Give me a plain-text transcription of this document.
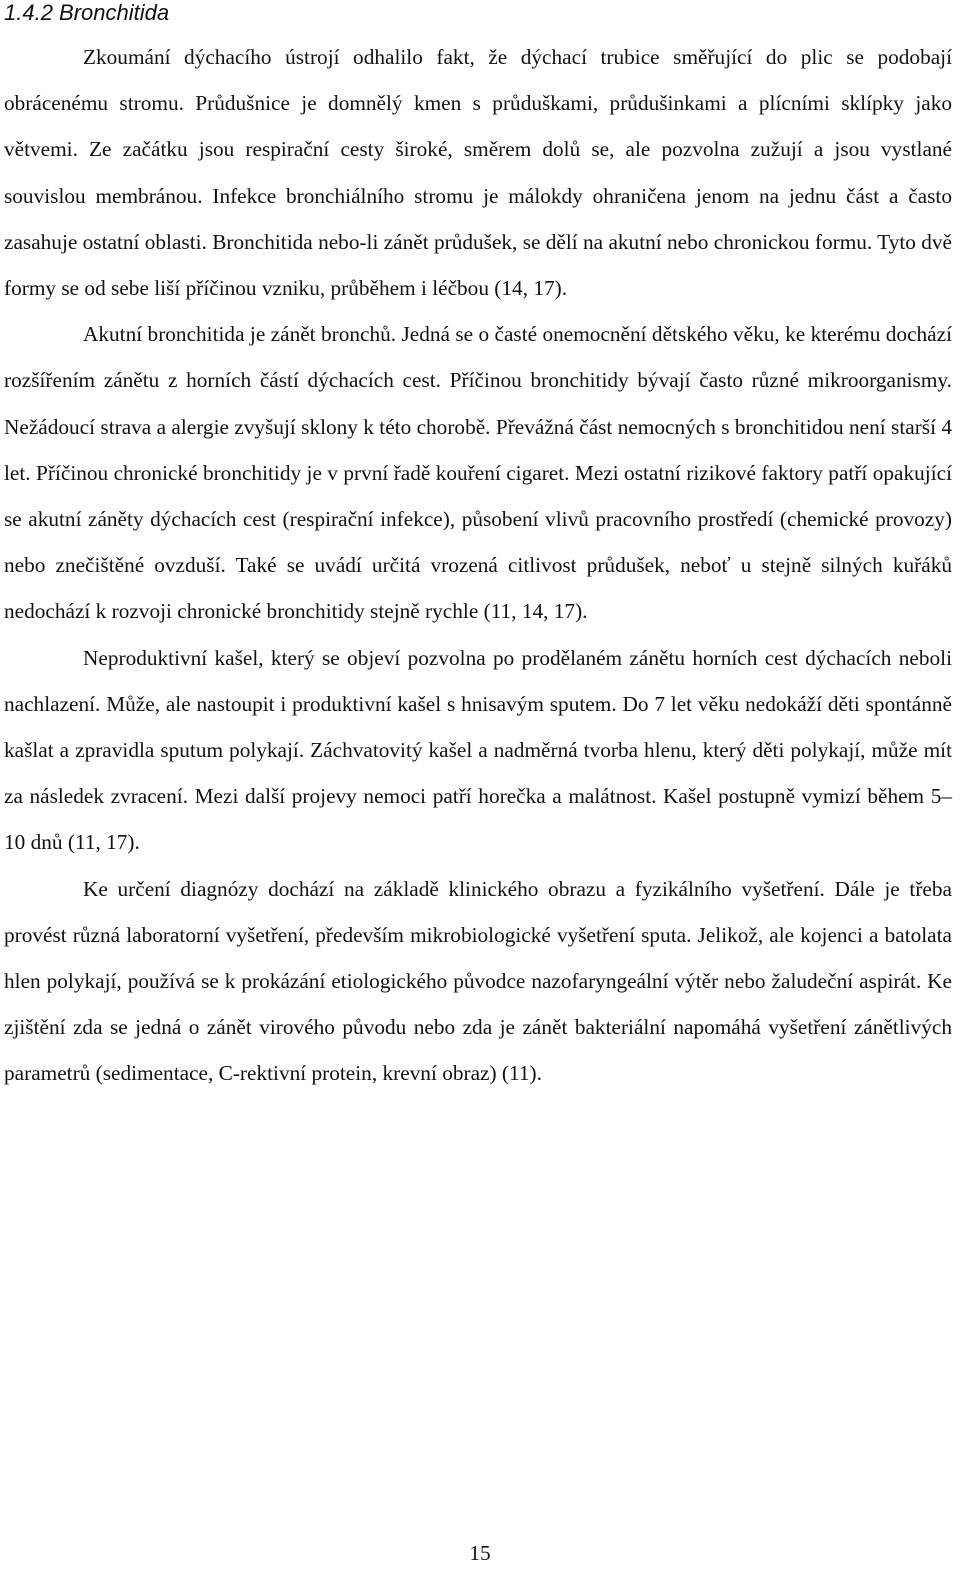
1.4.2 Bronchitida

Zkoumání dýchacího ústrojí odhalilo fakt, že dýchací trubice směřující do plic se podobají obrácenému stromu. Průdušnice je domnělý kmen s průduškami, průdušinkami a plícními sklípky jako větvemi. Ze začátku jsou respirační cesty široké, směrem dolů se, ale pozvolna zužují a jsou vystlané souvislou membránou. Infekce bronchiálního stromu je málokdy ohraničena jenom na jednu část a často zasahuje ostatní oblasti. Bronchitida nebo-li zánět průdušek, se dělí na akutní nebo chronickou formu. Tyto dvě formy se od sebe liší příčinou vzniku, průběhem i léčbou (14, 17).

Akutní bronchitida je zánět bronchů. Jedná se o časté onemocnění dětského věku, ke kterému dochází rozšířením zánětu z horních částí dýchacích cest. Příčinou bronchitidy bývají často různé mikroorganismy. Nežádoucí strava a alergie zvyšují sklony k této chorobě. Převážná část nemocných s bronchitidou není starší 4 let. Příčinou chronické bronchitidy je v první řadě kouření cigaret. Mezi ostatní rizikové faktory patří opakující se akutní záněty dýchacích cest (respirační infekce), působení vlivů pracovního prostředí (chemické provozy) nebo znečištěné ovzduší. Také se uvádí určitá vrozená citlivost průdušek, neboť u stejně silných kuřáků nedochází k rozvoji chronické bronchitidy stejně rychle (11, 14, 17).

Neproduktivní kašel, který se objeví pozvolna po prodělaném zánětu horních cest dýchacích neboli nachlazení. Může, ale nastoupit i produktivní kašel s hnisavým sputem. Do 7 let věku nedokáží děti spontánně kašlat a zpravidla sputum polykají. Záchvatovitý kašel a nadměrná tvorba hlenu, který děti polykají, může mít za následek zvracení. Mezi další projevy nemoci patří horečka a malátnost. Kašel postupně vymizí během 5–10 dnů (11, 17).

Ke určení diagnózy dochází na základě klinického obrazu a fyzikálního vyšetření. Dále je třeba provést různá laboratorní vyšetření, především mikrobiologické vyšetření sputa. Jelikož, ale kojenci a batolata hlen polykají, používá se k prokázání etiologického původce nazofaryngeální výtěr nebo žaludeční aspirát. Ke zjištění zda se jedná o zánět virového původu nebo zda je zánět bakteriální napomáhá vyšetření zánětlivých parametrů (sedimentace, C-rektivní protein, krevní obraz) (11).

15
